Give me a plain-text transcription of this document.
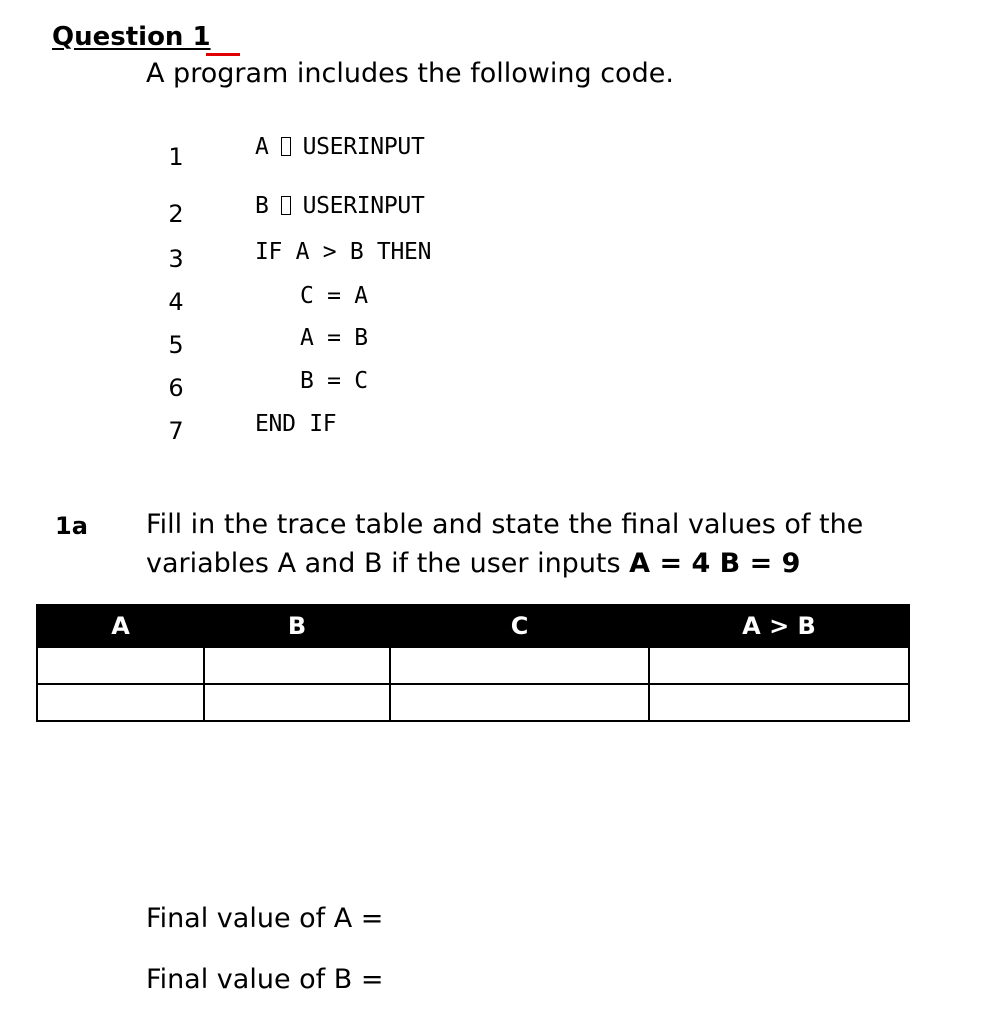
Question 1
A program includes the following code.
1	A USERINPUT
2	B USERINPUT
3	IF A > B THEN
4	C = A
5	A = B
6	B = C
7	END IF
1a Fill in the trace table and state the final values of the variables A and B if the user inputs A = 4 B = 9
A	B	C	A > B

Final value of A =
Final value of B =
